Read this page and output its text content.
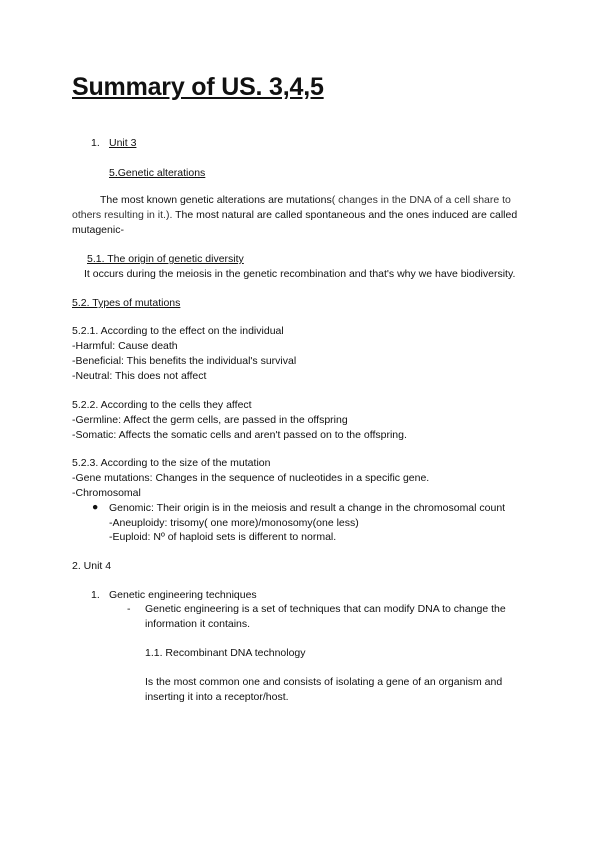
Summary of US. 3,4,5
1. Unit 3

5.Genetic alterations

The most known genetic alterations are mutations( changes in the DNA of a cell share to

others resulting in it.). The most natural are called spontaneous and the ones induced are called

mutagenic-

5.1. The origin of genetic diversity

It occurs during the meiosis in the genetic recombination and that's why we have biodiversity.

5.2. Types of mutations

5.2.1. According to the effect on the individual

-Harmful: Cause death

-Beneficial: This benefits the individual's survival

-Neutral: This does not affect

5.2.2. According to the cells they affect

-Germline: Affect the germ cells, are passed in the offspring

-Somatic: Affects the somatic cells and aren't passed on to the offspring.

5.2.3. According to the size of the mutation

-Gene mutations: Changes in the sequence of nucleotides in a specific gene.

-Chromosomal

● Genomic: Their origin is in the meiosis and result a change in the chromosomal count

-Aneuploidy: trisomy( one more)/monosomy(one less)

-Euploid: Nº of haploid sets is different to normal.

2. Unit 4

1. Genetic engineering techniques

- Genetic engineering is a set of techniques that can modify DNA to change the

information it contains.

1.1. Recombinant DNA technology

Is the most common one and consists of isolating a gene of an organism and

inserting it into a receptor/host.
